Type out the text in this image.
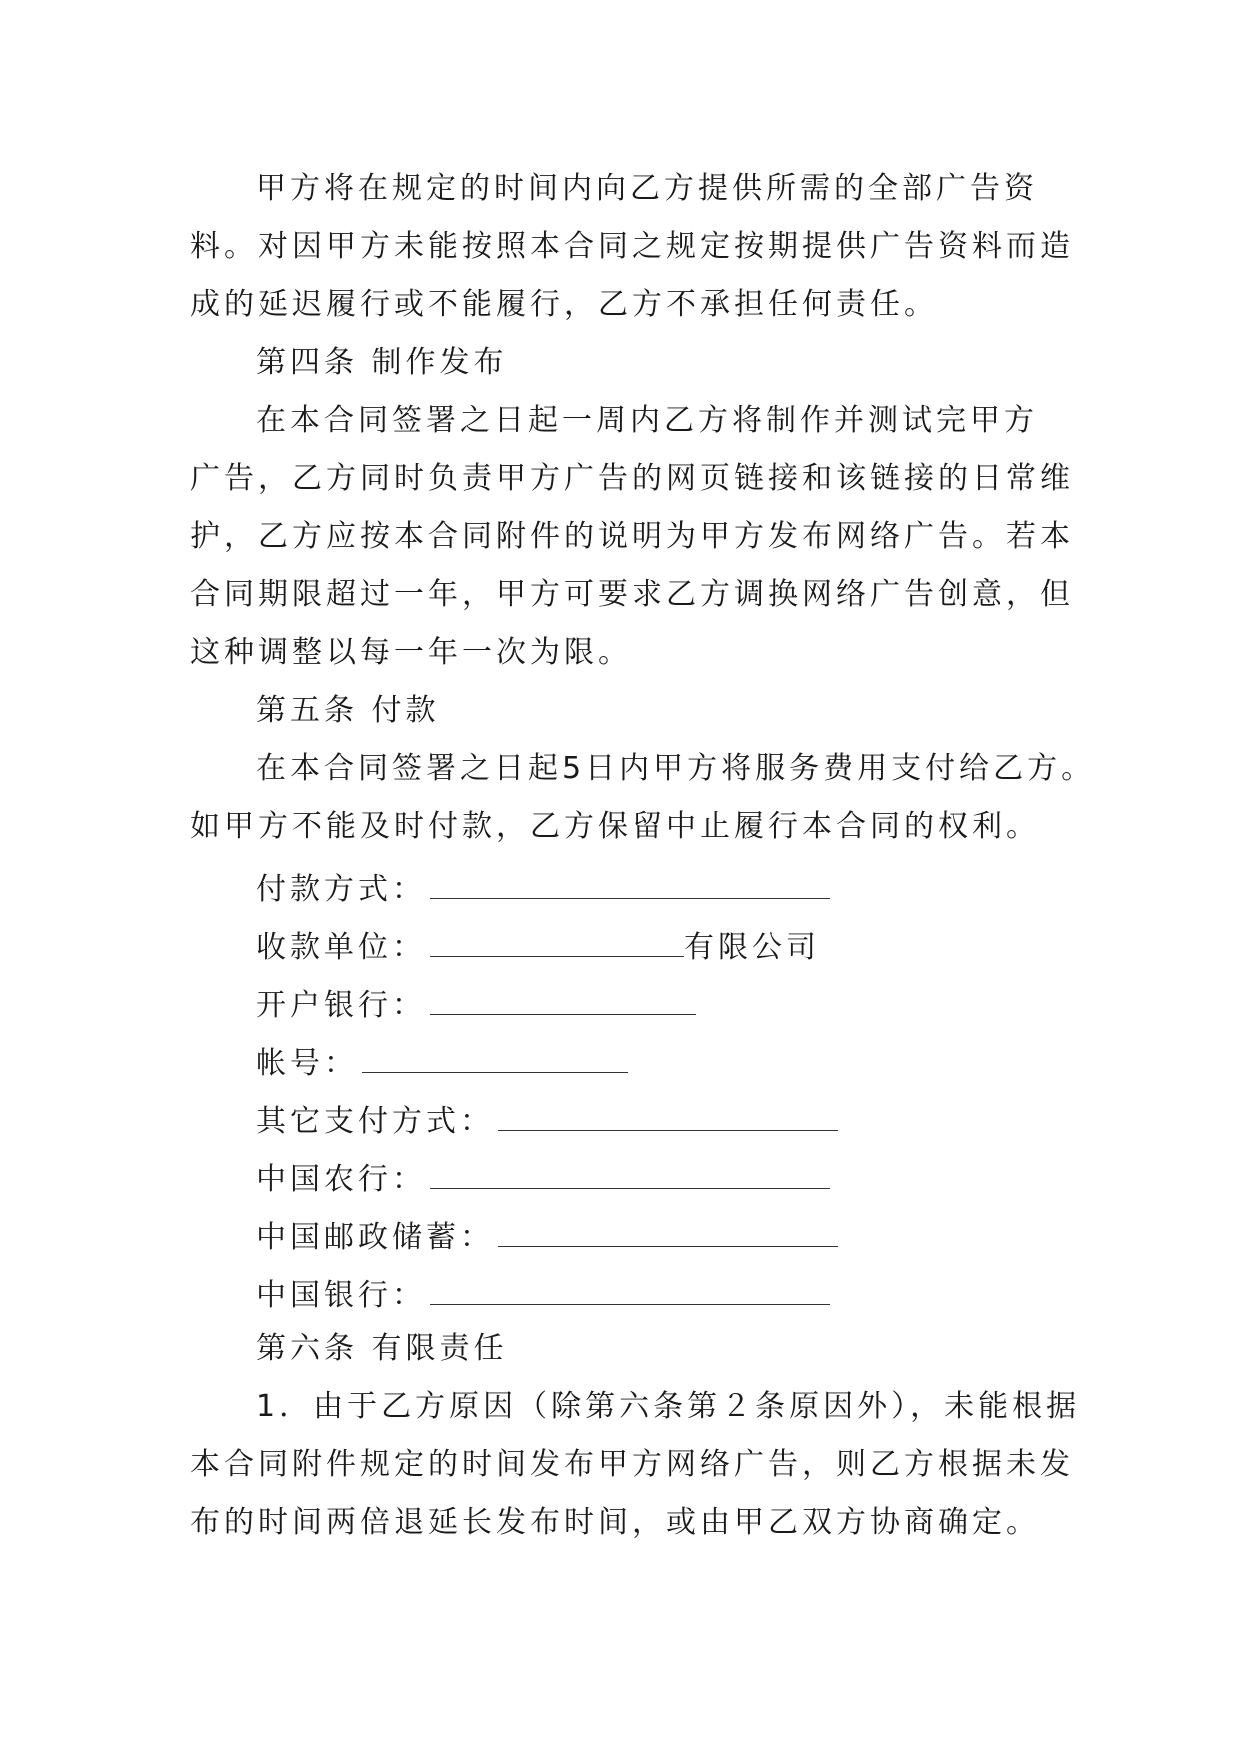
甲方将在规定的时间内向乙方提供所需的全部广告资
料。对因甲方未能按照本合同之规定按期提供广告资料而造
成的延迟履行或不能履行，乙方不承担任何责任。
第四条 制作发布
在本合同签署之日起一周内乙方将制作并测试完甲方
广告，乙方同时负责甲方广告的网页链接和该链接的日常维
护，乙方应按本合同附件的说明为甲方发布网络广告。若本
合同期限超过一年，甲方可要求乙方调换网络广告创意，但
这种调整以每一年一次为限。
第五条 付款
在本合同签署之日起5日内甲方将服务费用支付给乙方。
如甲方不能及时付款，乙方保留中止履行本合同的权利。
付款方式：
收款单位：	有限公司
开户银行：
帐号：
其它支付方式：
中国农行：
中国邮政储蓄：
中国银行：
第六条 有限责任
1．由于乙方原因（除第六条第２条原因外），未能根据
本合同附件规定的时间发布甲方网络广告，则乙方根据未发
布的时间两倍退延长发布时间，或由甲乙双方协商确定。
